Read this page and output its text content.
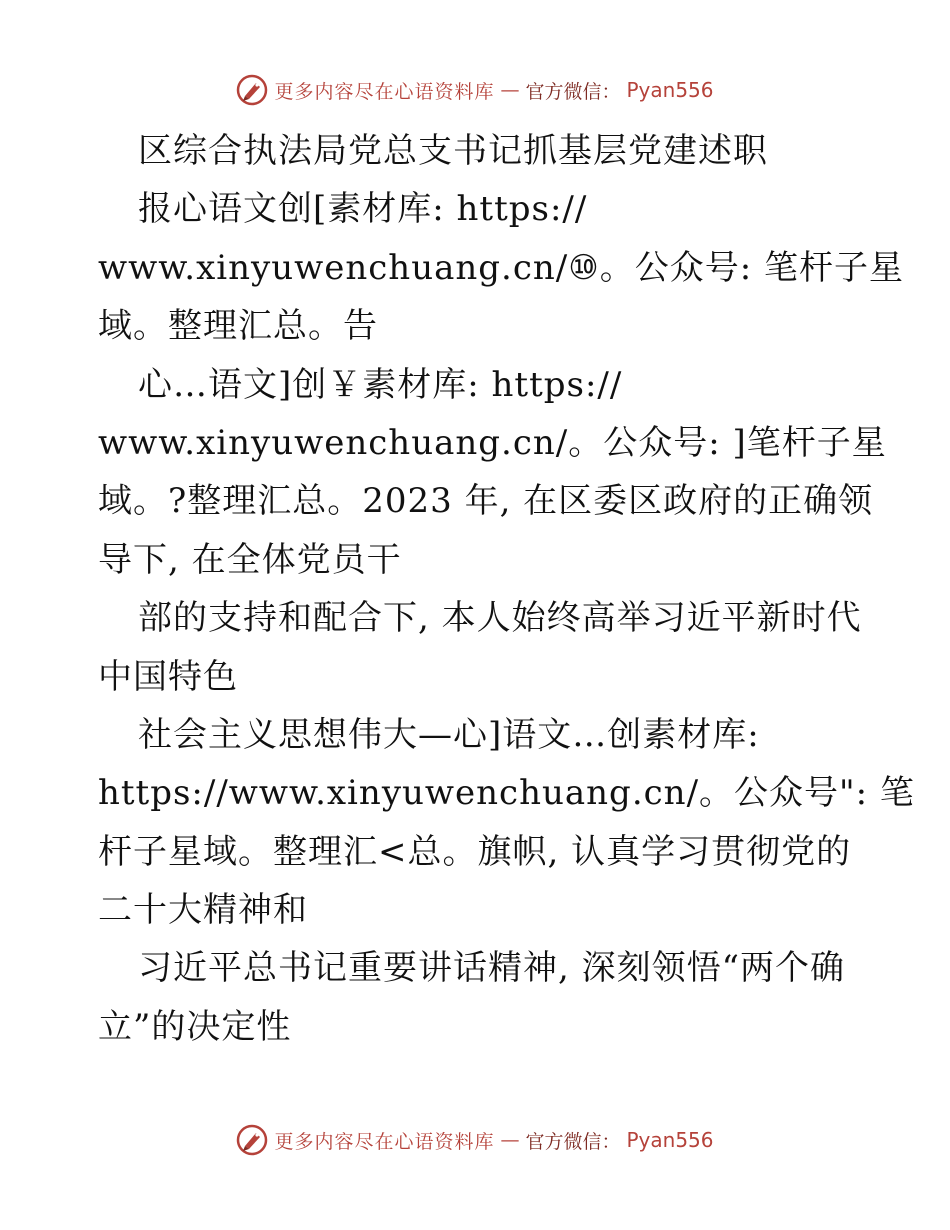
更多内容尽在心语资料库 — 官方微信： Pyan556
区综合执法局党总支书记抓基层党建述职
报心语文创[素材库: https://
www.xinyuwenchuang.cn/⑩。公众号: 笔杆子星
域。整理汇总。告
心…语文]创￥素材库: https://
www.xinyuwenchuang.cn/。公众号: ]笔杆子星
域。?整理汇总。2023 年, 在区委区政府的正确领
导下, 在全体党员干
部的支持和配合下, 本人始终高举习近平新时代
中国特色
社会主义思想伟大—心]语文…创素材库:
https://www.xinyuwenchuang.cn/。公众号": 笔
杆子星域。整理汇<总。旗帜, 认真学习贯彻党的
二十大精神和
习近平总书记重要讲话精神, 深刻领悟“两个确
立”的决定性
更多内容尽在心语资料库 — 官方微信： Pyan556
